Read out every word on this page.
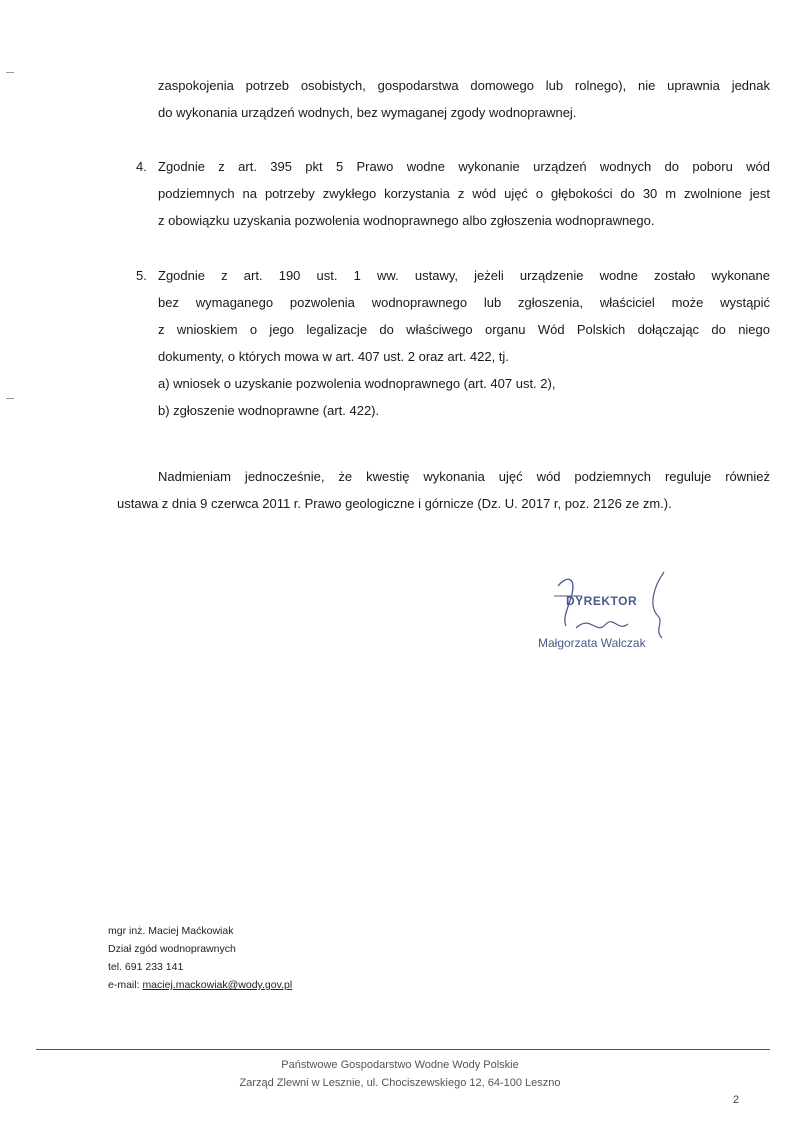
zaspokojenia potrzeb osobistych, gospodarstwa domowego lub rolnego), nie uprawnia jednak
do wykonania urządzeń wodnych, bez wymaganej zgody wodnoprawnej.
4. Zgodnie z art. 395 pkt 5 Prawo wodne wykonanie urządzeń wodnych do poboru wód
podziemnych na potrzeby zwykłego korzystania z wód ujęć o głębokości do 30 m zwolnione jest
z obowiązku uzyskania pozwolenia wodnoprawnego albo zgłoszenia wodnoprawnego.
5. Zgodnie z art. 190 ust. 1 ww. ustawy, jeżeli urządzenie wodne zostało wykonane
bez wymaganego pozwolenia wodnoprawnego lub zgłoszenia, właściciel może wystąpić
z wnioskiem o jego legalizacje do właściwego organu Wód Polskich dołączając do niego
dokumenty, o których mowa w art. 407 ust. 2 oraz art. 422, tj.
a) wniosek o uzyskanie pozwolenia wodnoprawnego (art. 407 ust. 2),
b) zgłoszenie wodnoprawne (art. 422).
Nadmieniam jednocześnie, że kwestię wykonania ujęć wód podziemnych reguluje również
ustawa z dnia 9 czerwca 2011 r. Prawo geologiczne i górnicze (Dz. U. 2017 r, poz. 2126 ze zm.).
DYREKTOR
Małgorzata Walczak
mgr inż. Maciej Maćkowiak
Dział zgód wodnoprawnych
tel. 691 233 141
e-mail: maciej.mackowiak@wody.gov.pl
Państwowe Gospodarstwo Wodne Wody Polskie
Zarząd Zlewni w Lesznie, ul. Chociszewskiego 12, 64-100 Leszno
2
